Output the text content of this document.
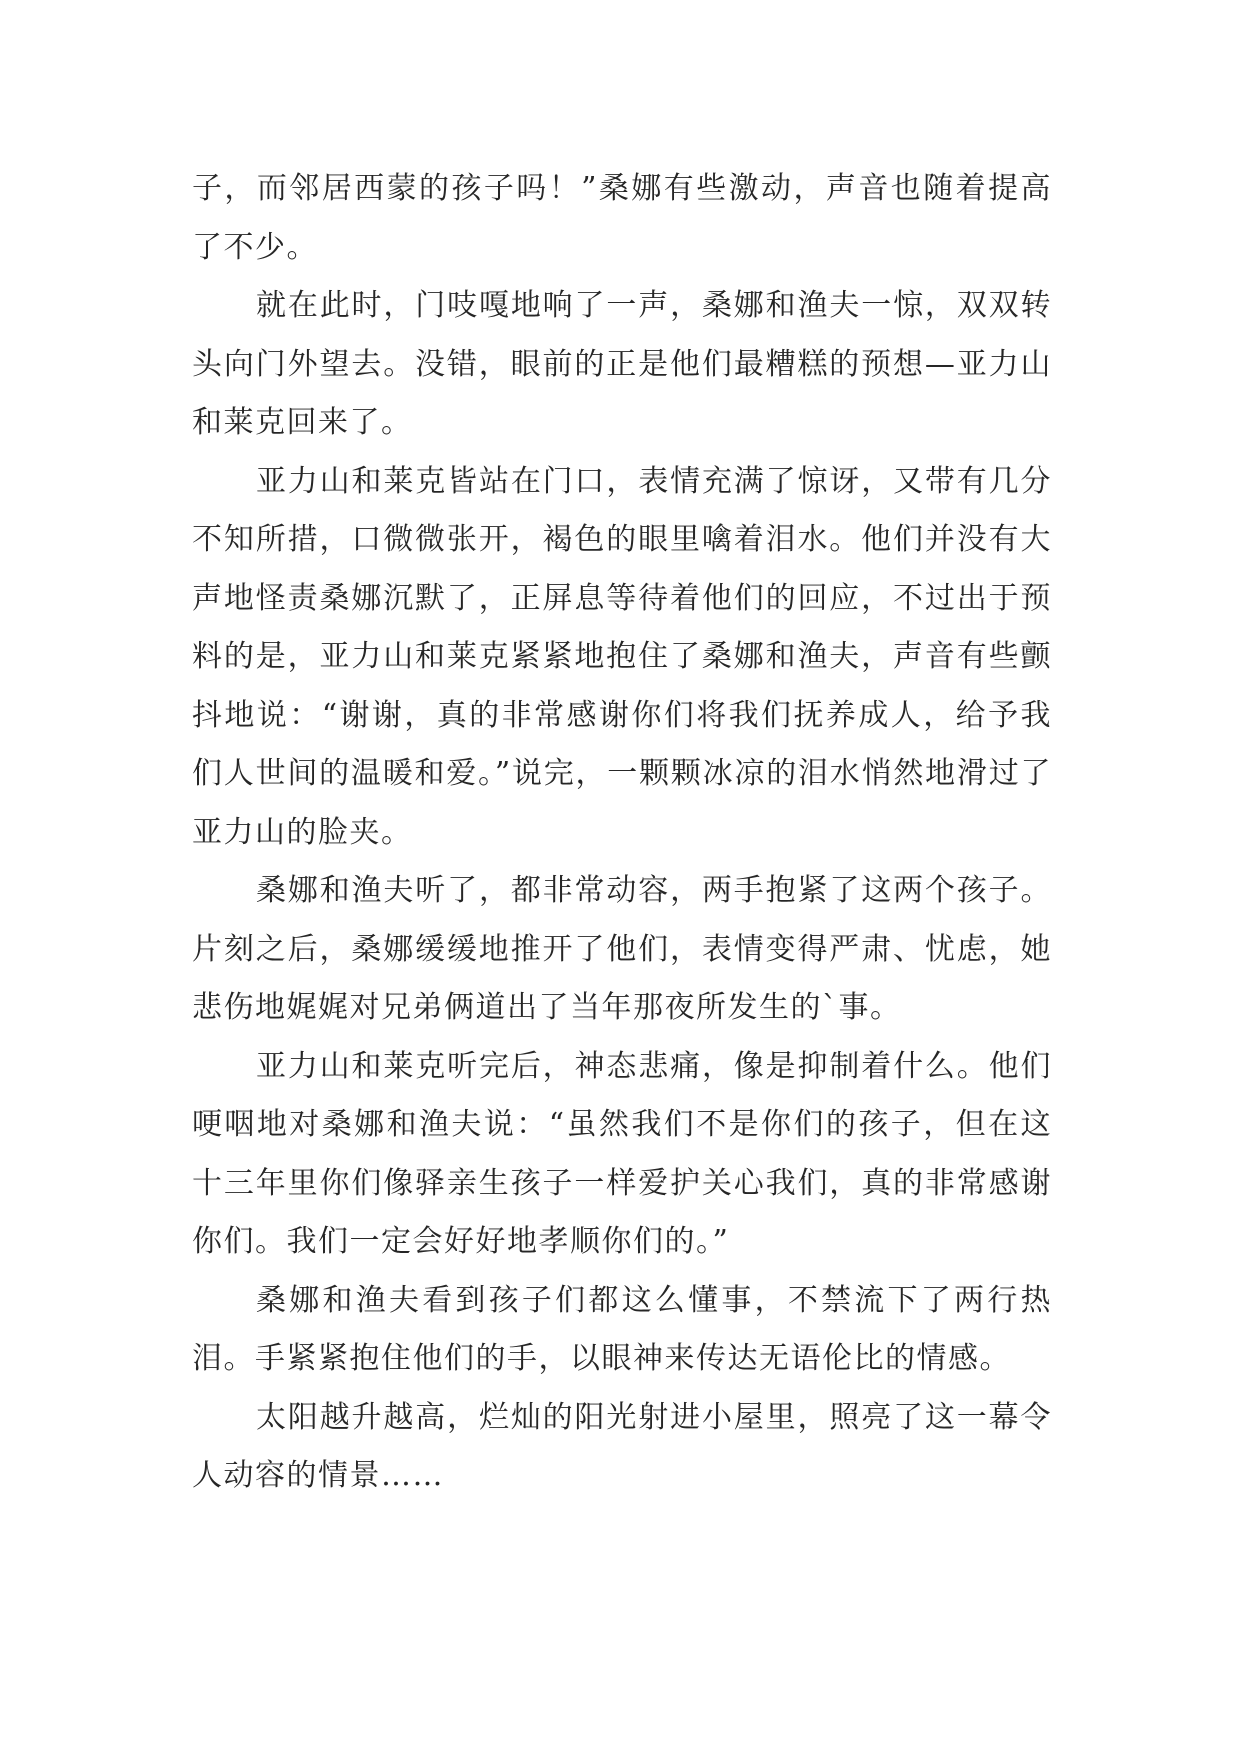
子，而邻居西蒙的孩子吗！”桑娜有些激动，声音也随着提高了不少。

就在此时，门吱嘎地响了一声，桑娜和渔夫一惊，双双转头向门外望去。没错，眼前的正是他们最糟糕的预想—亚力山和莱克回来了。

亚力山和莱克皆站在门口，表情充满了惊讶，又带有几分不知所措，口微微张开，褐色的眼里噙着泪水。他们并没有大声地怪责桑娜沉默了，正屏息等待着他们的回应，不过出于预料的是，亚力山和莱克紧紧地抱住了桑娜和渔夫，声音有些颤抖地说：“谢谢，真的非常感谢你们将我们抚养成人，给予我们人世间的温暖和爱。”说完，一颗颗冰凉的泪水悄然地滑过了亚力山的脸夹。

桑娜和渔夫听了，都非常动容，两手抱紧了这两个孩子。片刻之后，桑娜缓缓地推开了他们，表情变得严肃、忧虑，她悲伤地娓娓对兄弟俩道出了当年那夜所发生的`事。

亚力山和莱克听完后，神态悲痛，像是抑制着什么。他们哽咽地对桑娜和渔夫说：“虽然我们不是你们的孩子，但在这十三年里你们像驿亲生孩子一样爱护关心我们，真的非常感谢你们。我们一定会好好地孝顺你们的。”

桑娜和渔夫看到孩子们都这么懂事，不禁流下了两行热泪。手紧紧抱住他们的手，以眼神来传达无语伦比的情感。

太阳越升越高，烂灿的阳光射进小屋里，照亮了这一幕令人动容的情景……
